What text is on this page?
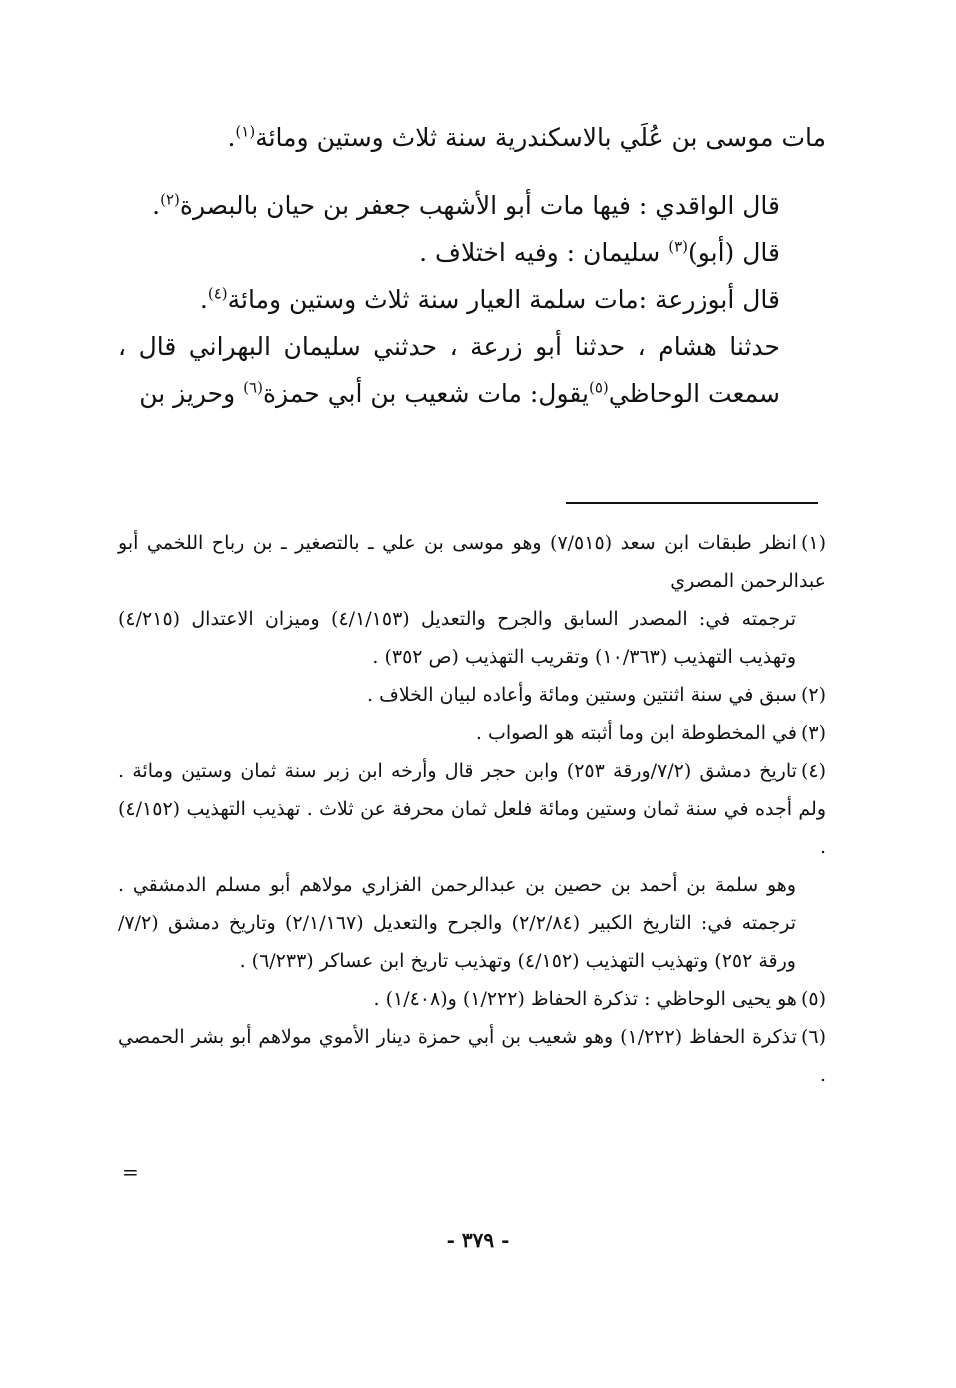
مات موسى بن عُلَي بالاسكندرية سنة ثلاث وستين ومائة$^{(١)}$.

قال الواقدي : فيها مات أبو الأشهب جعفر بن حيان بالبصرة$^{(٢)}$.

قال (أبو)$^{(٣)}$ سليمان : وفيه اختلاف .

قال أبوزرعة :مات سلمة العيار سنة ثلاث وستين ومائة$^{(٤)}$.

حدثنا هشام ، حدثنا أبو زرعة ، حدثني سليمان البهراني قال ، سمعت الوحاظي$^{(٥)}$يقول: مات شعيب بن أبي حمزة$^{(٦)}$ وحريز بن

(١)انظر طبقات ابن سعد (٧/٥١٥) وهو موسى بن علي ـ بالتصغير ـ بن رباح اللخمي أبو عبدالرحمن المصري
ترجمته في: المصدر السابق والجرح والتعديل (٤/١/١٥٣) وميزان الاعتدال (٤/٢١٥) وتهذيب التهذيب (١٠/٣٦٣) وتقريب التهذيب (ص ٣٥٢) .

(٢)سبق في سنة اثنتين وستين ومائة وأعاده لبيان الخلاف .

(٣)في المخطوطة ابن وما أثبته هو الصواب .

(٤)تاريخ دمشق (٧/٢/ورقة ٢٥٣) وابن حجر قال وأرخه ابن زبر سنة ثمان وستين ومائة . ولم أجده في سنة ثمان وستين ومائة فلعل ثمان محرفة عن ثلاث . تهذيب التهذيب (٤/١٥٢) .
وهو سلمة بن أحمد بن حصين بن عبدالرحمن الفزاري مولاهم أبو مسلم الدمشقي . ترجمته في: التاريخ الكبير (٢/٢/٨٤) والجرح والتعديل (٢/١/١٦٧) وتاريخ دمشق (٧/٢/ورقة ٢٥٢) وتهذيب التهذيب (٤/١٥٢) وتهذيب تاريخ ابن عساكر (٦/٢٣٣) .

(٥)هو يحيى الوحاظي : تذكرة الحفاظ (١/٢٢٢) و(١/٤٠٨) .

(٦)تذكرة الحفاظ (١/٢٢٢) وهو شعيب بن أبي حمزة دينار الأموي مولاهم أبو بشر الحمصي .

=
- ٣٧٩ -
